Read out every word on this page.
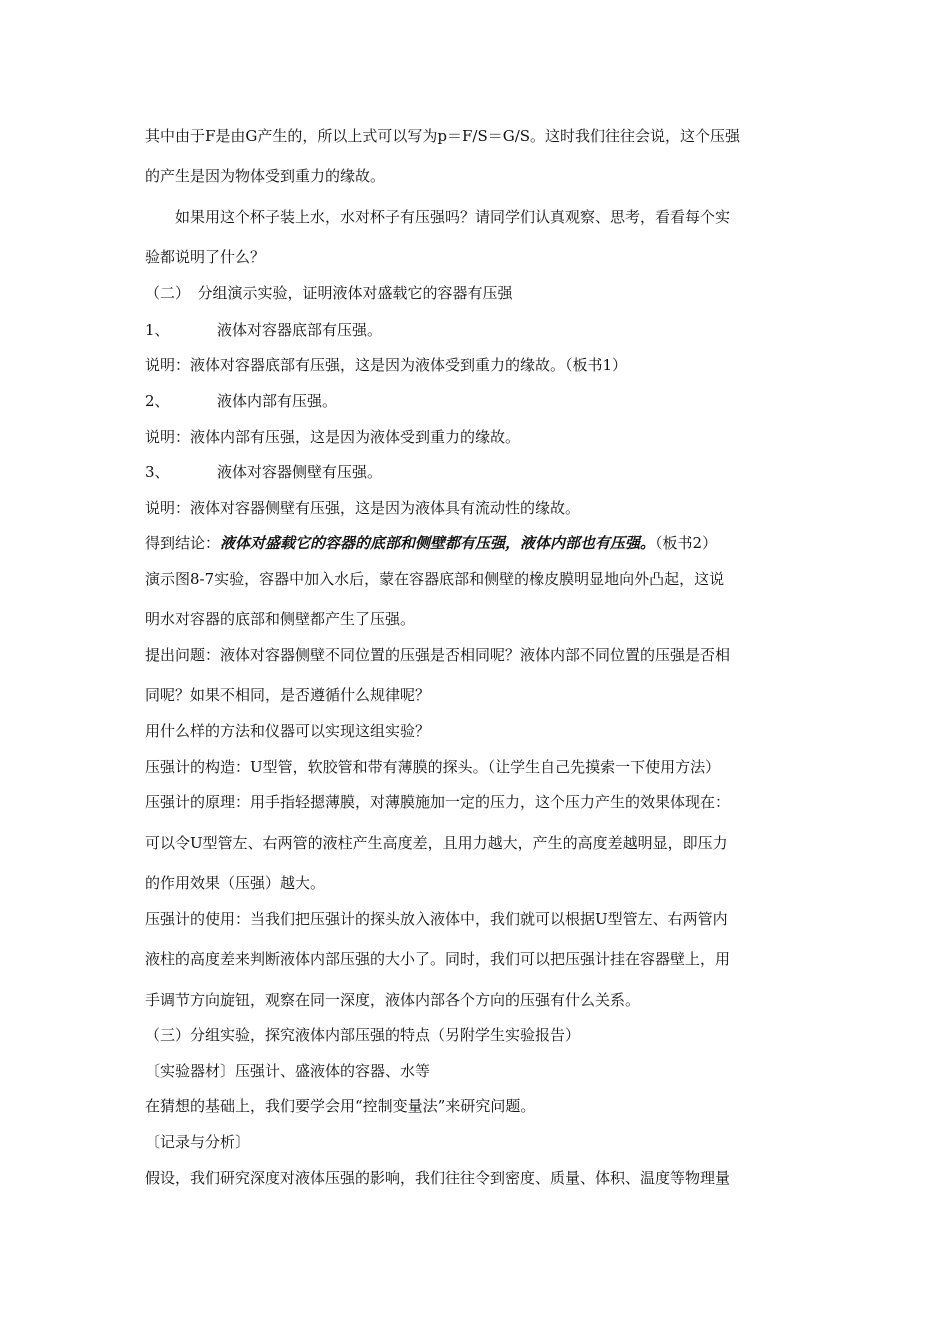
其中由于F是由G产生的，所以上式可以写为p＝F/S＝G/S。这时我们往往会说，这个压强
的产生是因为物体受到重力的缘故。
如果用这个杯子装上水，水对杯子有压强吗？请同学们认真观察、思考，看看每个实
验都说明了什么？
（二）　分组演示实验，证明液体对盛载它的容器有压强
1、	液体对容器底部有压强。
说明：液体对容器底部有压强，这是因为液体受到重力的缘故。（板书1）
2、	液体内部有压强。
说明：液体内部有压强，这是因为液体受到重力的缘故。
3、	液体对容器侧壁有压强。
说明：液体对容器侧壁有压强，这是因为液体具有流动性的缘故。
得到结论：液体对盛载它的容器的底部和侧壁都有压强，液体内部也有压强。（板书2）
演示图8-7实验，容器中加入水后，蒙在容器底部和侧壁的橡皮膜明显地向外凸起，这说
明水对容器的底部和侧壁都产生了压强。
提出问题：液体对容器侧壁不同位置的压强是否相同呢？液体内部不同位置的压强是否相
同呢？如果不相同，是否遵循什么规律呢？
用什么样的方法和仪器可以实现这组实验？
压强计的构造：U型管，软胶管和带有薄膜的探头。（让学生自己先摸索一下使用方法）
压强计的原理：用手指轻摁薄膜，对薄膜施加一定的压力，这个压力产生的效果体现在：
可以令U型管左、右两管的液柱产生高度差，且用力越大，产生的高度差越明显，即压力
的作用效果（压强）越大。
压强计的使用：当我们把压强计的探头放入液体中，我们就可以根据U型管左、右两管内
液柱的高度差来判断液体内部压强的大小了。同时，我们可以把压强计挂在容器壁上，用
手调节方向旋钮，观察在同一深度，液体内部各个方向的压强有什么关系。
（三）分组实验，探究液体内部压强的特点（另附学生实验报告）
〔实验器材〕压强计、盛液体的容器、水等
在猜想的基础上，我们要学会用“控制变量法”来研究问题。
〔记录与分析〕
假设，我们研究深度对液体压强的影响，我们往往令到密度、质量、体积、温度等物理量
